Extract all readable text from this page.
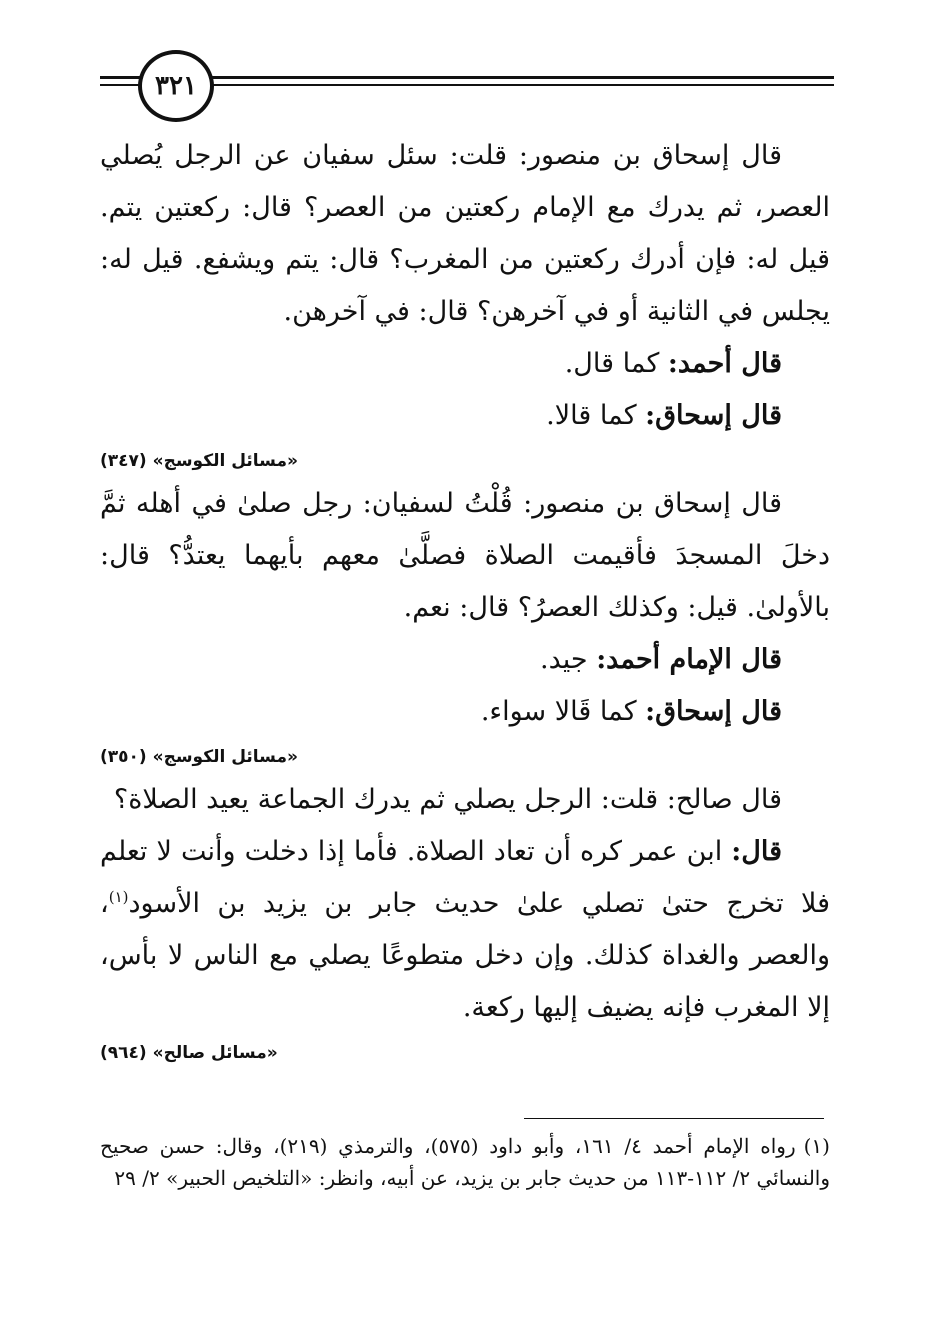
٣٢١

قال إسحاق بن منصور: قلت: سئل سفيان عن الرجل يُصلي العصر، ثم يدرك مع الإمام ركعتين من العصر؟ قال: ركعتين يتم. قيل له: فإن أدرك ركعتين من المغرب؟ قال: يتم ويشفع. قيل له: يجلس في الثانية أو في آخرهن؟ قال: في آخرهن.

قال أحمد: كما قال.

قال إسحاق: كما قالا.

«مسائل الكوسج» (٣٤٧)

قال إسحاق بن منصور: قُلْتُ لسفيان: رجل صلىٰ في أهله ثمَّ دخلَ المسجدَ فأقيمت الصلاة فصلَّىٰ معهم بأيهما يعتدُّ؟ قال: بالأولىٰ. قيل: وكذلك العصرُ؟ قال: نعم.

قال الإمام أحمد: جيد.

قال إسحاق: كما قَالا سواء.

«مسائل الكوسج» (٣٥٠)

قال صالح: قلت: الرجل يصلي ثم يدرك الجماعة يعيد الصلاة؟

قال: ابن عمر كره أن تعاد الصلاة. فأما إذا دخلت وأنت لا تعلم فلا تخرج حتىٰ تصلي علىٰ حديث جابر بن يزيد بن الأسود$^{(١)}$، والعصر والغداة كذلك. وإن دخل متطوعًا يصلي مع الناس لا بأس، إلا المغرب فإنه يضيف إليها ركعة.

«مسائل صالح» (٩٦٤)

(١)رواه الإمام أحمد ٤/ ١٦١، وأبو داود (٥٧٥)، والترمذي (٢١٩)، وقال: حسن صحيح والنسائي ٢/ ١١٢-١١٣ من حديث جابر بن يزيد، عن أبيه، وانظر: «التلخيص الحبير» ٢/ ٢٩
